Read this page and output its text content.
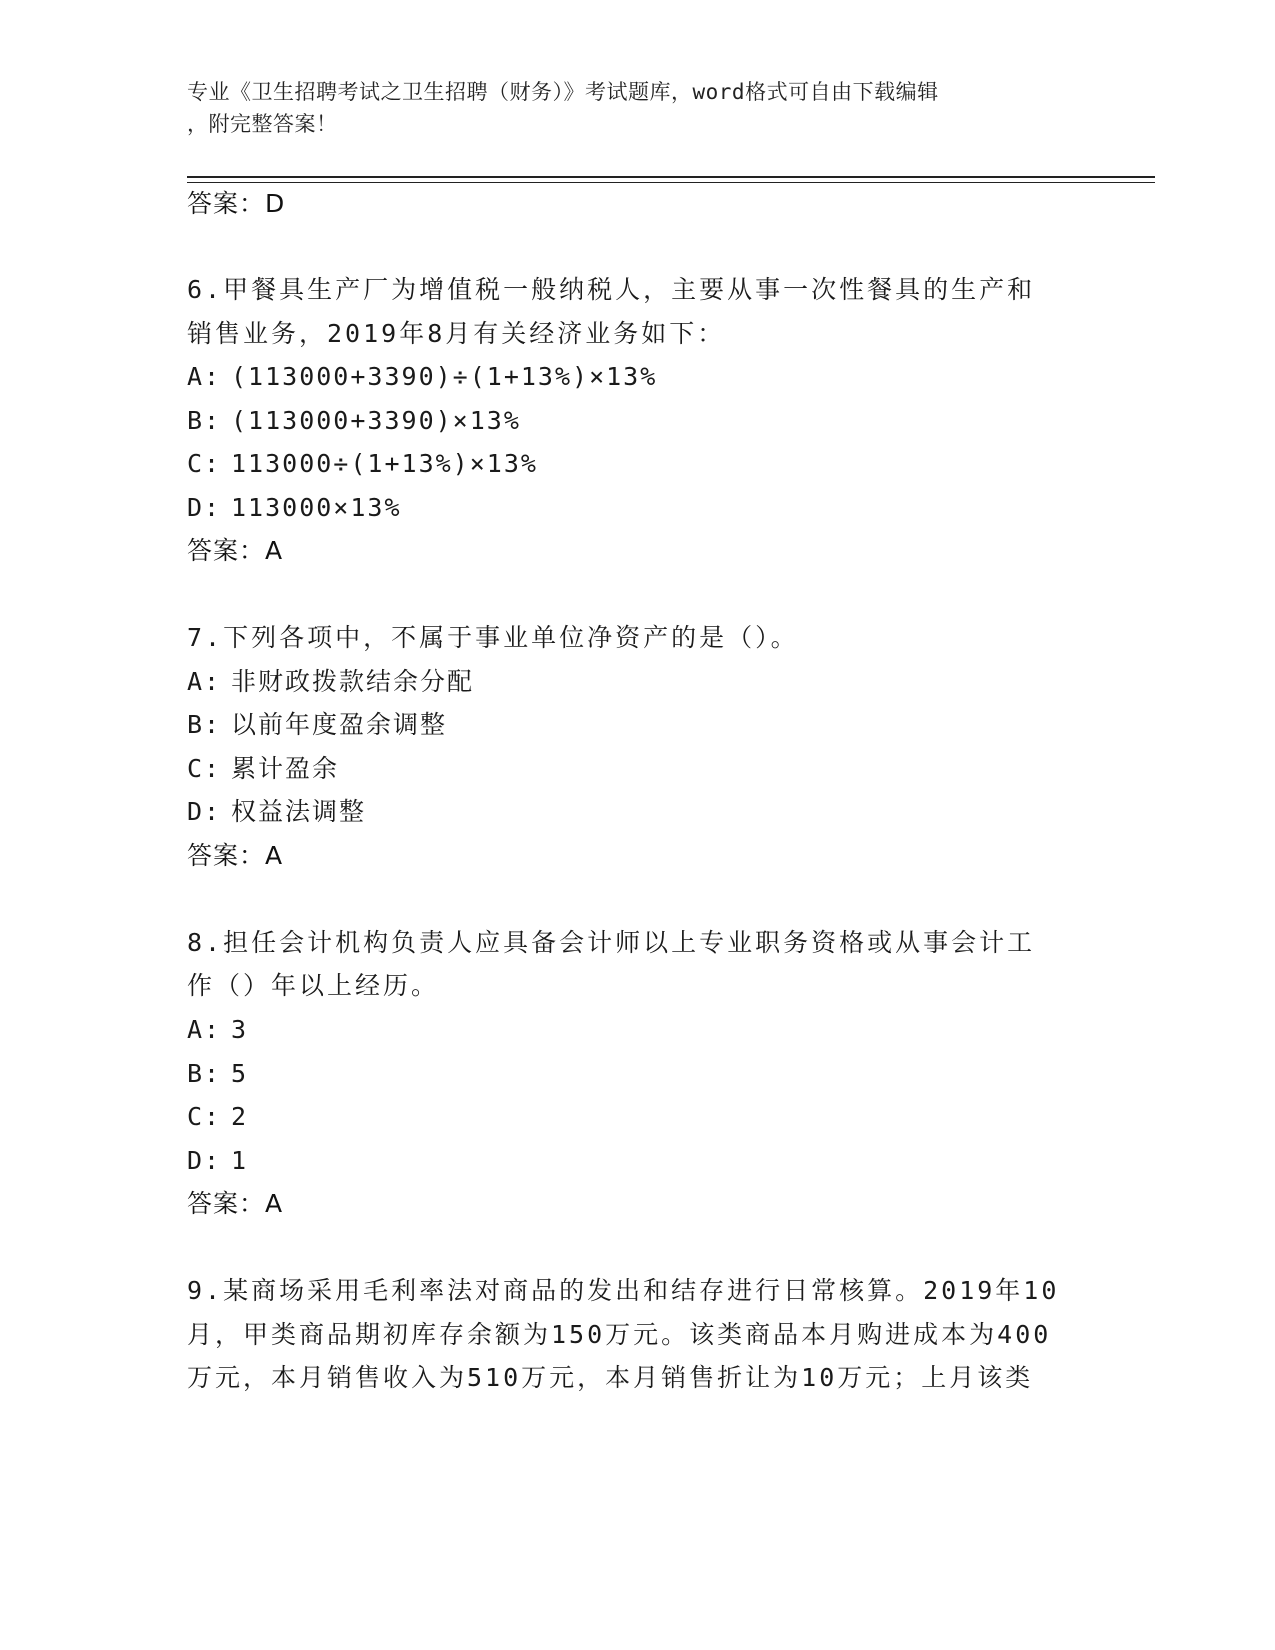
专业《卫生招聘考试之卫生招聘（财务）》考试题库，word格式可自由下载编辑
，附完整答案！
答案：D
6.甲餐具生产厂为增值税一般纳税人，主要从事一次性餐具的生产和
销售业务，2019年8月有关经济业务如下：
A: (113000+3390)÷(1+13%)×13%
B: (113000+3390)×13%
C: 113000÷(1+13%)×13%
D: 113000×13%
答案：A
7.下列各项中，不属于事业单位净资产的是（）。
A: 非财政拨款结余分配
B: 以前年度盈余调整
C: 累计盈余
D: 权益法调整
答案：A
8.担任会计机构负责人应具备会计师以上专业职务资格或从事会计工
作（）年以上经历。
A: 3
B: 5
C: 2
D: 1
答案：A
9.某商场采用毛利率法对商品的发出和结存进行日常核算。2019年10
月，甲类商品期初库存余额为150万元。该类商品本月购进成本为400
万元，本月销售收入为510万元，本月销售折让为10万元；上月该类
